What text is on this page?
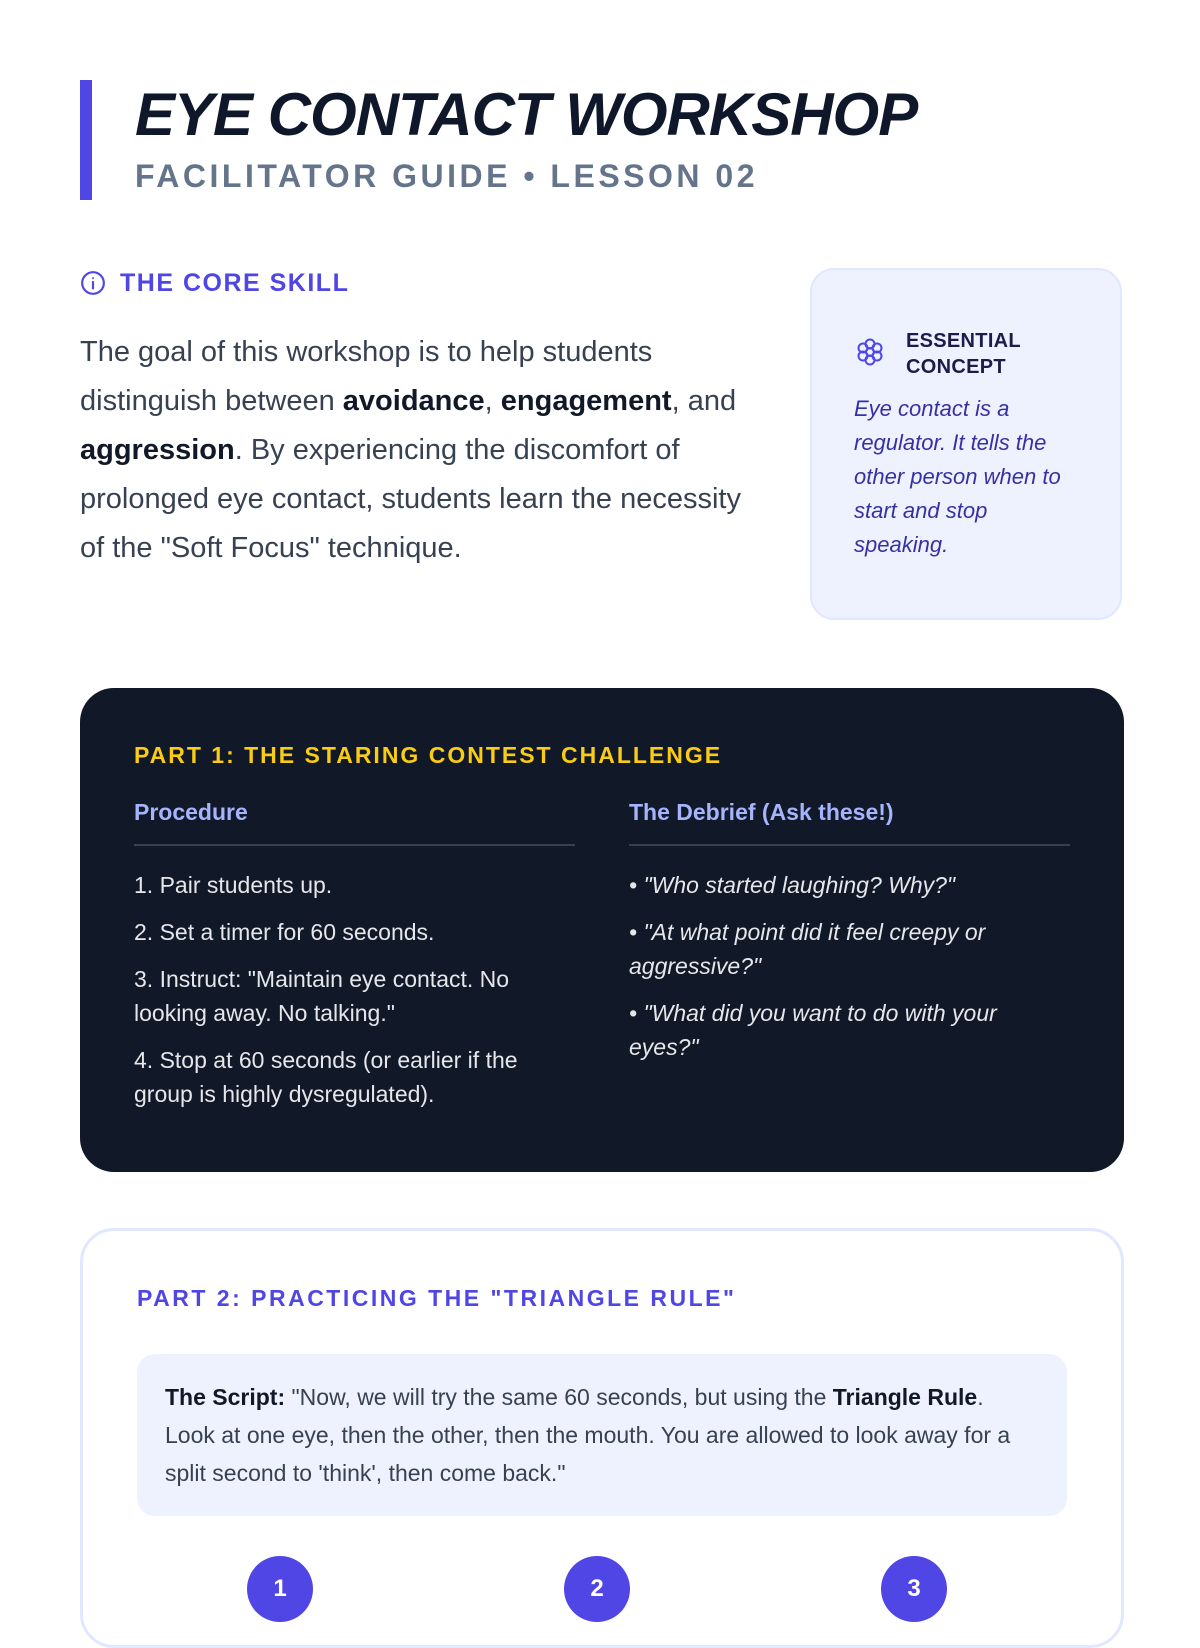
EYE CONTACT WORKSHOP
FACILITATOR GUIDE • LESSON 02
THE CORE SKILL
The goal of this workshop is to help students distinguish between avoidance, engagement, and aggression. By experiencing the discomfort of prolonged eye contact, students learn the necessity of the "Soft Focus" technique.
ESSENTIAL CONCEPT
Eye contact is a regulator. It tells the other person when to start and stop speaking.
PART 1: THE STARING CONTEST CHALLENGE
Procedure
1. Pair students up.
2. Set a timer for 60 seconds.
3. Instruct: "Maintain eye contact. No looking away. No talking."
4. Stop at 60 seconds (or earlier if the group is highly dysregulated).
The Debrief (Ask these!)
• "Who started laughing? Why?"
• "At what point did it feel creepy or aggressive?"
• "What did you want to do with your eyes?"
PART 2: PRACTICING THE "TRIANGLE RULE"
The Script: "Now, we will try the same 60 seconds, but using the Triangle Rule. Look at one eye, then the other, then the mouth. You are allowed to look away for a split second to 'think', then come back."
1	2	3
